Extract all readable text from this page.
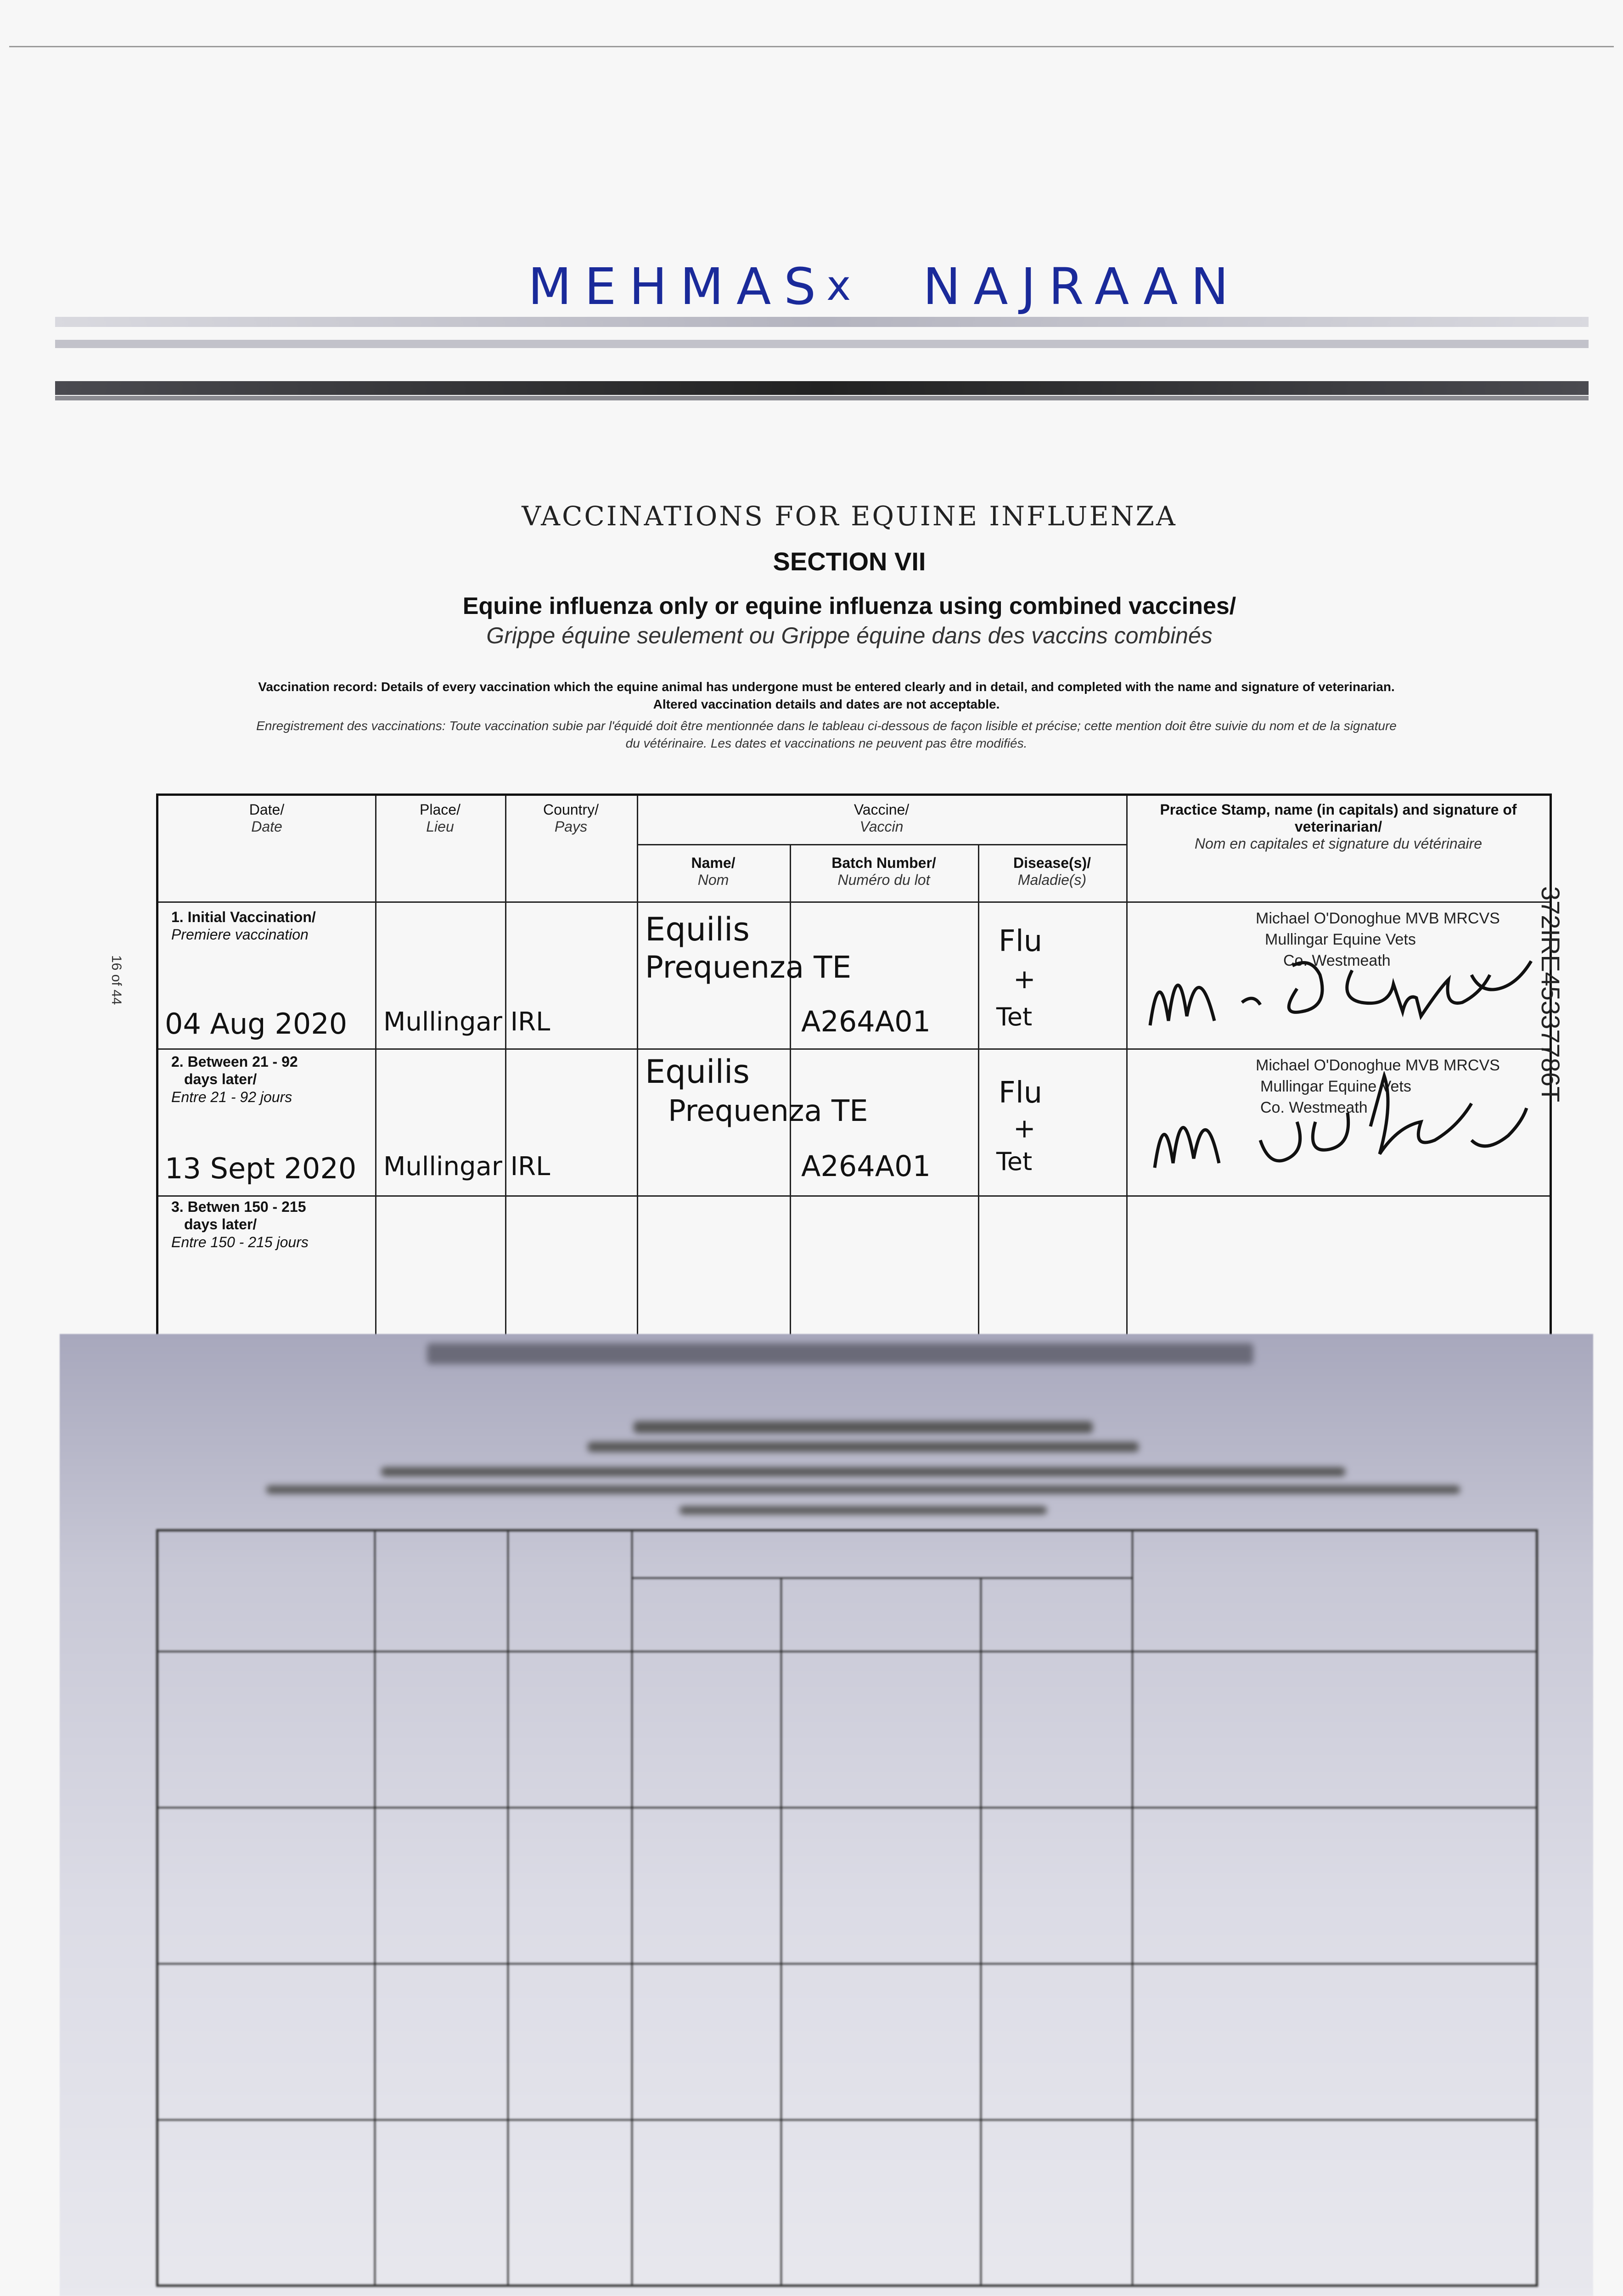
MEHMAS
x NAJRAAN
VACCINATIONS FOR EQUINE INFLUENZA
SECTION VII
Equine influenza only or equine influenza using combined vaccines/
Grippe équine seulement ou Grippe équine dans des vaccins combinés
Vaccination record: Details of every vaccination which the equine animal has undergone must be entered clearly and in detail, and completed with the name and signature of veterinarian.
Altered vaccination details and dates are not acceptable.
Enregistrement des vaccinations: Toute vaccination subie par l'équidé doit être mentionnée dans le tableau ci-dessous de façon lisible et précise; cette mention doit être suivie du nom et de la signature
du vétérinaire. Les dates et vaccinations ne peuvent pas être modifiés.
Date/
Date
Place/
Lieu
Country/
Pays
Vaccine/
Vaccin
Name/
Nom
Batch Number/
Numéro du lot
Disease(s)/
Maladie(s)
Practice Stamp, name (in capitals) and signature of veterinarian/
Nom en capitales et signature du vétérinaire
1. Initial Vaccination/
Premiere vaccination
04 Aug 2020 Mullingar IRL
Equilis
Prequenza TE
A264A01
Flu
+
Tet
Michael O'Donoghue MVB MRCVS
Mullingar Equine Vets
Co. Westmeath
2. Between 21 - 92
days later/
Entre 21 - 92 jours
13 Sept 2020 Mullingar IRL
Equilis
Prequenza TE
A264A01
Flu
+
Tet
Michael O'Donoghue MVB MRCVS
Mullingar Equine Vets
Co. Westmeath
3. Betwen 150 - 215
days later/
Entre 150 - 215 jours
372IRE45337786T
16 of 44
